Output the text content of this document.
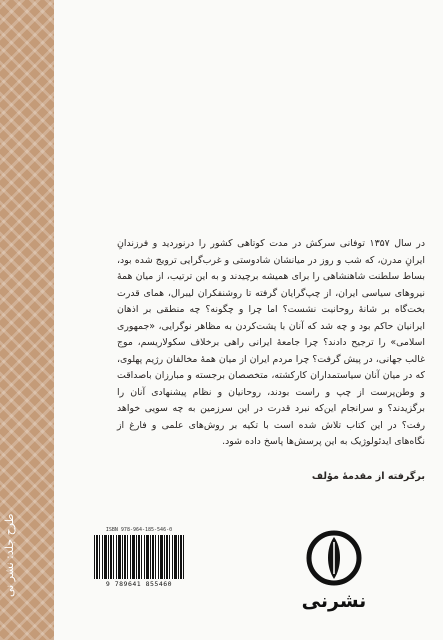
طرح جلد: نشر نی
در سال ۱۳۵۷ توفانی سرکش در مدت کوتاهی کشور را درنوردید و فرزندانِ ایرانِ مدرن، که شب و روز در میانشان شادوستی و غرب‌گرایی ترویج شده بود، بساط سلطنت شاهنشاهی را برای همیشه برچیدند و به این ترتیب، از میان همهٔ نیروهای سیاسی ایران، از چپ‌گرایان گرفته تا روشنفکران لیبرال، همای قدرت بخت‌گاه بر شانهٔ روحانیت نشست؟ اما چرا و چگونه؟ چه منطقی بر اذهان ایرانیان حاکم بود و چه شد که آنان با پشت‌کردن به مظاهر نوگرایی، «جمهوری اسلامی» را ترجیح دادند؟ چرا جامعهٔ ایرانی راهی برخلاف سکولاریسم، موج غالب جهانی، در پیش گرفت؟ چرا مردم ایران از میان همهٔ مخالفان رژیم پهلوی، که در میان آنان سیاستمداران کارکشته، متخصصان برجسته و مبارزان باصداقت و وطن‌پرست از چپ و راست بودند، روحانیان و نظام پیشنهادی آنان را برگزیدند؟ و سرانجام این‌که نبرد قدرت در این سرزمین به چه سویی خواهد رفت؟ در این کتاب تلاش شده است با تکیه بر روش‌های علمی و فارغ از نگاه‌های ایدئولوژیک به این پرسش‌ها پاسخ داده شود.
برگرفته از مقدمهٔ مؤلف
ISBN 978-964-185-546-0
9 789641 855460
نشرنی
